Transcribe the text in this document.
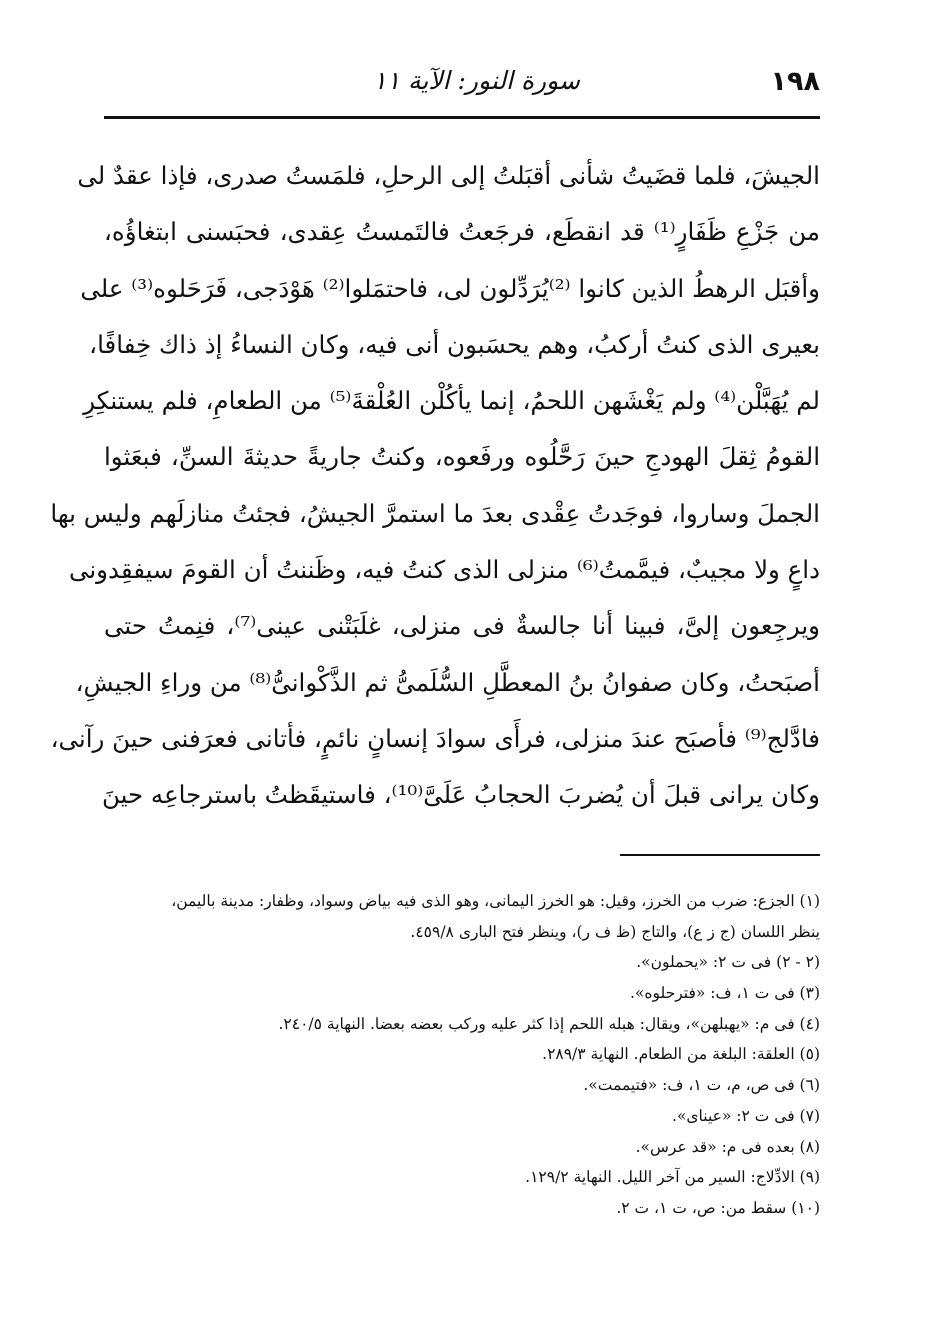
١٩٨
سورة النور: الآية ١١
الجيشَ، فلما قضَيتُ شأنى أقبَلتُ إلى الرحلِ، فلمَستُ صدرى، فإذا عقدٌ لى
من جَزْعِ ظَفَارٍ⁽¹⁾ قد انقطَع، فرجَعتُ فالتَمستُ عِقدى، فحبَسنى ابتغاؤُه،
وأقبَل الرهطُ الذين كانوا ⁽²⁾يُرَدِّلون لى، فاحتمَلوا⁽²⁾ هَوْدَجى، فَرَحَلوه⁽³⁾ على
بعيرى الذى كنتُ أركبُ، وهم يحسَبون أنى فيه، وكان النساءُ إذ ذاك خِفافًا،
لم يُهَبَّلْن⁽⁴⁾ ولم يَغْشَهن اللحمُ، إنما يأكُلْن العُلْقةَ⁽⁵⁾ من الطعامِ، فلم يستنكِرِ
القومُ ثِقلَ الهودجِ حينَ رَحَّلُوه ورفَعوه، وكنتُ جاريةً حديثةَ السنِّ، فبعَثوا
الجملَ وساروا، فوجَدتُ عِقْدى بعدَ ما استمرَّ الجيشُ، فجئتُ منازلَهم وليس بها
داعٍ ولا مجيبٌ، فيمَّمتُ⁽⁶⁾ منزلى الذى كنتُ فيه، وظَننتُ أن القومَ سيفقِدونى
ويرجِعون إلىَّ، فبينا أنا جالسةٌ فى منزلى، غلَبَتْنى عينى⁽⁷⁾، فنِمتُ حتى
أصبَحتُ، وكان صفوانُ بنُ المعطَّلِ السُّلَمىُّ ثم الذَّكْوانىُّ⁽⁸⁾ من وراءِ الجيشِ،
فادَّلج⁽⁹⁾ فأصبَح عندَ منزلى، فرأَى سوادَ إنسانٍ نائمٍ، فأتانى فعرَفنى حينَ رآنى،
وكان يرانى قبلَ أن يُضربَ الحجابُ عَلَىَّ⁽¹⁰⁾، فاستيقَظتُ باسترجاعِه حينَ
(١) الجزع: ضرب من الخرز، وقيل: هو الخرز اليمانى، وهو الذى فيه بياض وسواد، وظفار: مدينة باليمن،
ينظر اللسان (ج ز ع)، والتاج (ظ ف ر)، وينظر فتح البارى ٤٥٩/٨.
(٢ - ٢) فى ت ٢: «يحملون».
(٣) فى ت ١، ف: «فترحلوه».
(٤) فى م: «يهبلهن»، ويقال: هبله اللحم إذا كثر عليه وركب بعضه بعضا. النهاية ٢٤٠/٥.
(٥) العلقة: البلغة من الطعام. النهاية ٢٨٩/٣.
(٦) فى ص، م، ت ١، ف: «فتيممت».
(٧) فى ت ٢: «عيناى».
(٨) بعده فى م: «قد عرس».
(٩) الادِّلاج: السير من آخر الليل. النهاية ١٢٩/٢.
(١٠) سقط من: ص، ت ١، ت ٢.
